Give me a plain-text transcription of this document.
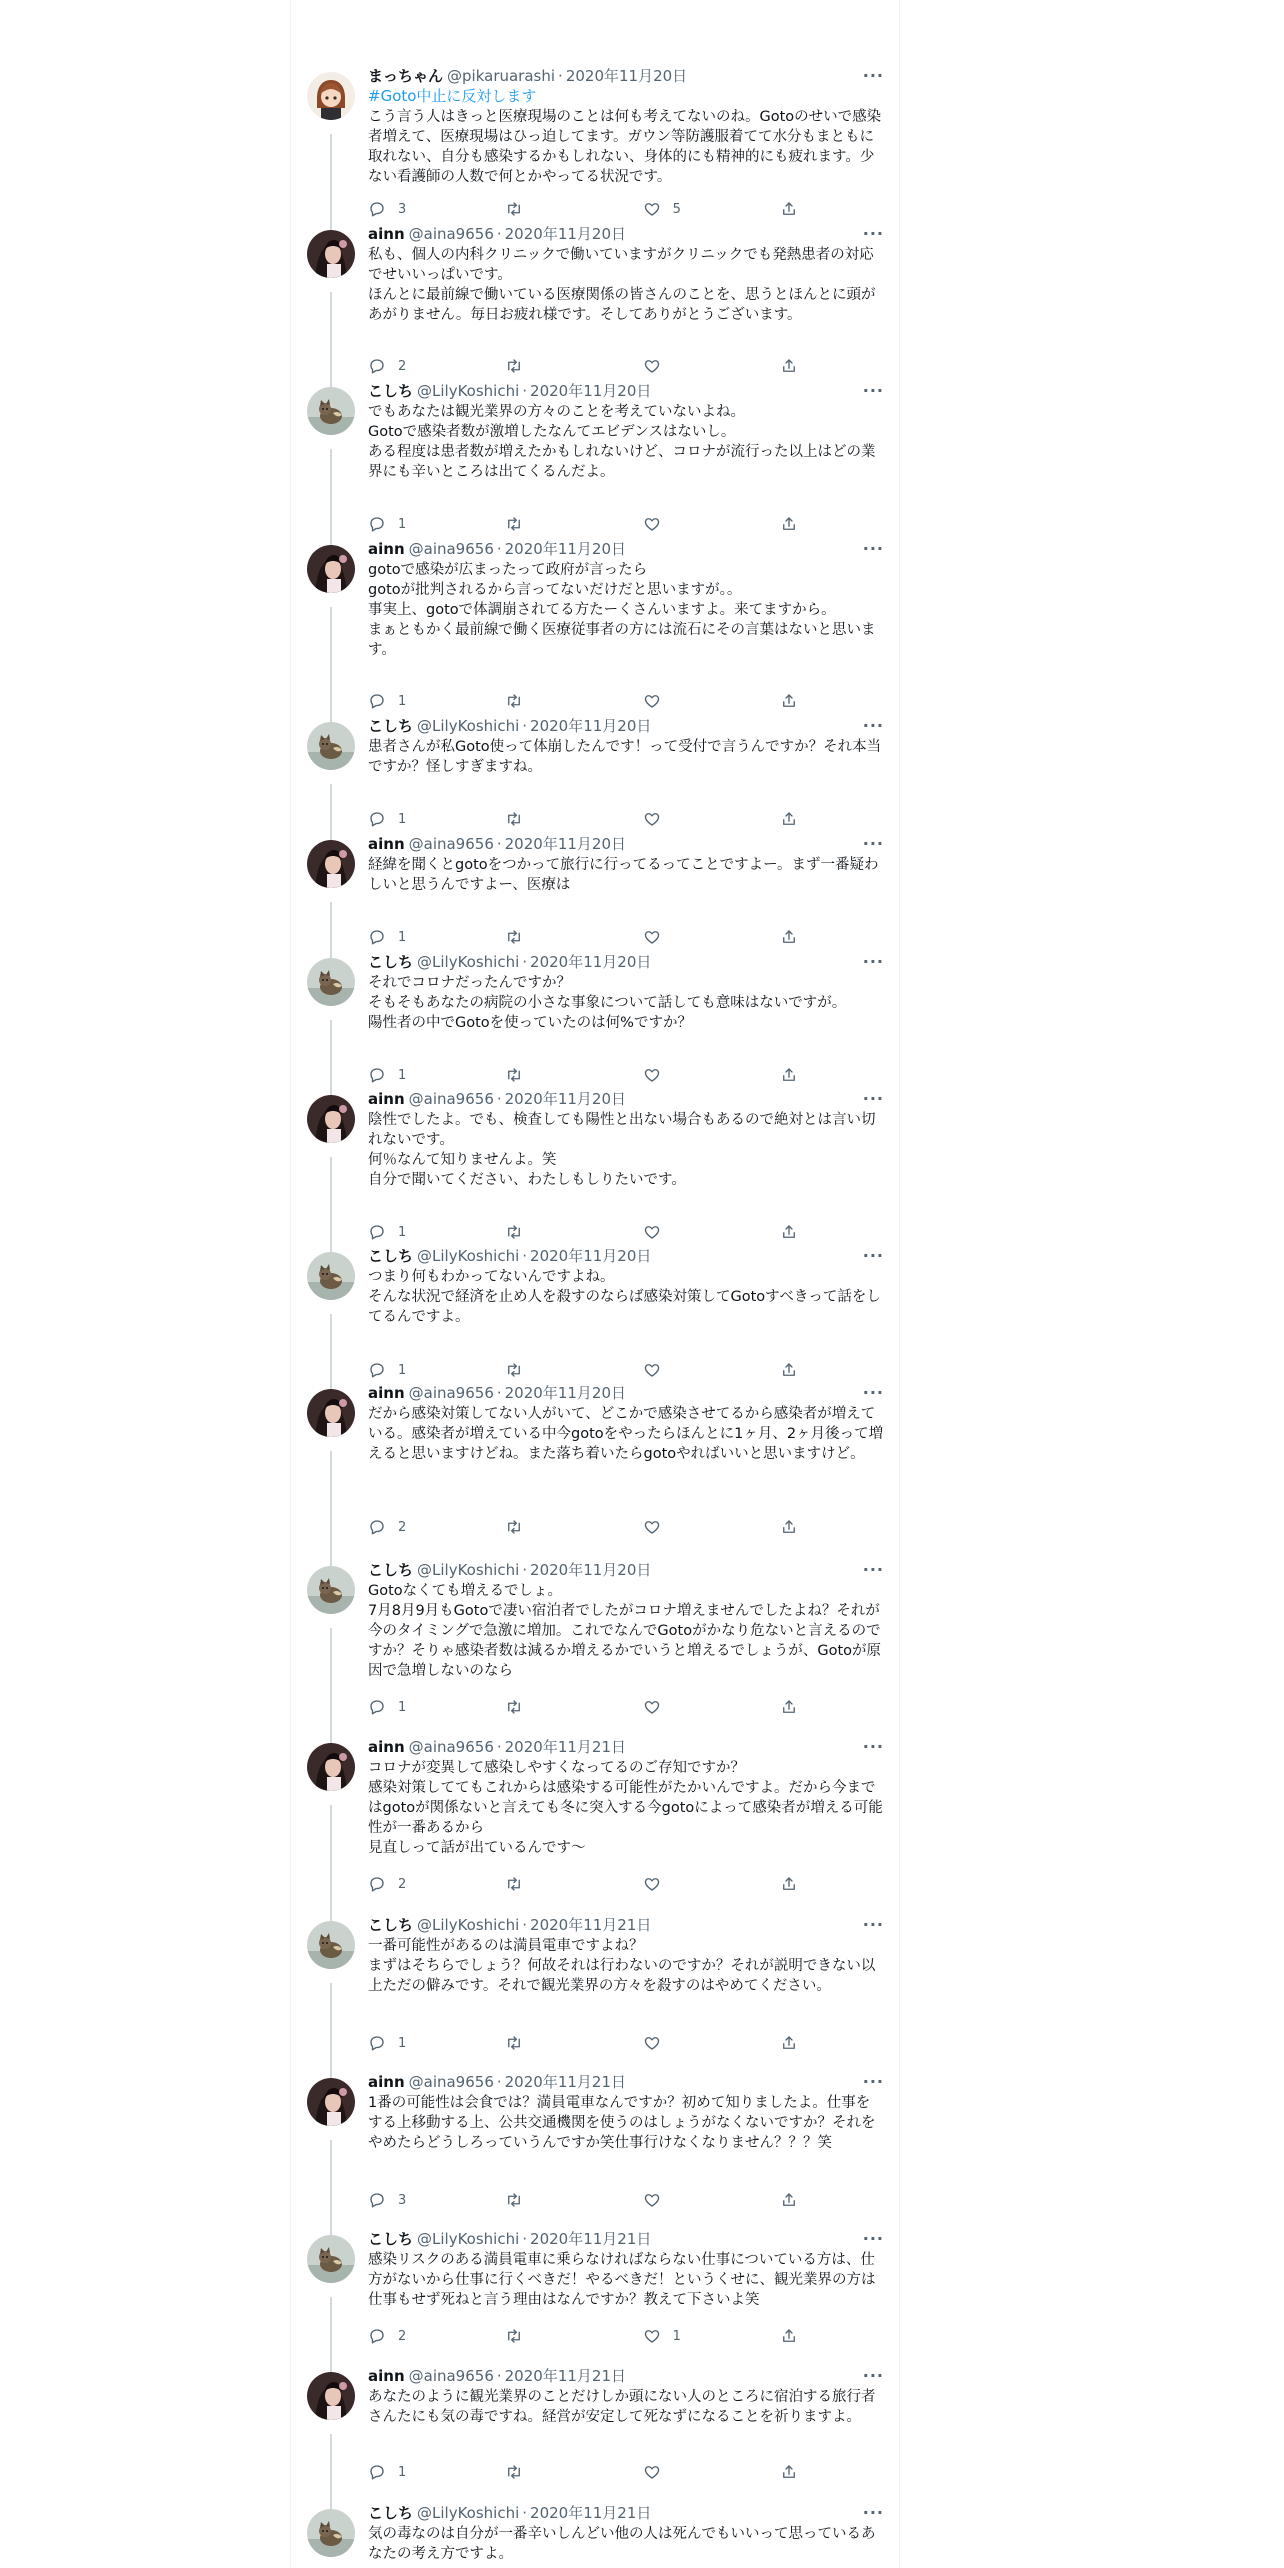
まっちゃん @pikaruarashi · 2020年11月20日	···
#Goto中止に反対します
こう言う人はきっと医療現場のことは何も考えてないのね。Gotoのせいで感染者増えて、医療現場はひっ迫してます。ガウン等防護服着てて水分もまともに取れない、自分も感染するかもしれない、身体的にも精神的にも疲れます。少ない看護師の人数で何とかやってる状況です。
3	5
ainn @aina9656 · 2020年11月20日	···
私も、個人の内科クリニックで働いていますがクリニックでも発熱患者の対応でせいいっぱいです。
ほんとに最前線で働いている医療関係の皆さんのことを、思うとほんとに頭があがりません。毎日お疲れ様です。そしてありがとうございます。
2
こしち @LilyKoshichi · 2020年11月20日	···
でもあなたは観光業界の方々のことを考えていないよね。
Gotoで感染者数が激増したなんてエビデンスはないし。
ある程度は患者数が増えたかもしれないけど、コロナが流行った以上はどの業界にも辛いところは出てくるんだよ。
1
ainn @aina9656 · 2020年11月20日	···
gotoで感染が広まったって政府が言ったら
gotoが批判されるから言ってないだけだと思いますが。。
事実上、gotoで体調崩されてる方たーくさんいますよ。来てますから。
まぁともかく最前線で働く医療従事者の方には流石にその言葉はないと思います。
1
こしち @LilyKoshichi · 2020年11月20日	···
患者さんが私Goto使って体崩したんです！って受付で言うんですか？それ本当ですか？怪しすぎますね。
1
ainn @aina9656 · 2020年11月20日	···
経緯を聞くとgotoをつかって旅行に行ってるってことですよー。まず一番疑わしいと思うんですよー、医療は
1
こしち @LilyKoshichi · 2020年11月20日	···
それでコロナだったんですか？
そもそもあなたの病院の小さな事象について話しても意味はないですが。
陽性者の中でGotoを使っていたのは何%ですか？
1
ainn @aina9656 · 2020年11月20日	···
陰性でしたよ。でも、検査しても陽性と出ない場合もあるので絶対とは言い切れないです。
何％なんて知りませんよ。笑
自分で聞いてください、わたしもしりたいです。
1
こしち @LilyKoshichi · 2020年11月20日	···
つまり何もわかってないんですよね。
そんな状況で経済を止め人を殺すのならば感染対策してGotoすべきって話をしてるんですよ。
1
ainn @aina9656 · 2020年11月20日	···
だから感染対策してない人がいて、どこかで感染させてるから感染者が増えている。感染者が増えている中今gotoをやったらほんとに1ヶ月、2ヶ月後って増えると思いますけどね。また落ち着いたらgotoやればいいと思いますけど。
2
こしち @LilyKoshichi · 2020年11月20日	···
Gotoなくても増えるでしょ。
7月8月9月もGotoで凄い宿泊者でしたがコロナ増えませんでしたよね？それが今のタイミングで急激に増加。これでなんでGotoがかなり危ないと言えるのですか？そりゃ感染者数は減るか増えるかでいうと増えるでしょうが、Gotoが原因で急増しないのなら
1
ainn @aina9656 · 2020年11月21日	···
コロナが変異して感染しやすくなってるのご存知ですか？
感染対策しててもこれからは感染する可能性がたかいんですよ。だから今まではgotoが関係ないと言えても冬に突入する今gotoによって感染者が増える可能性が一番あるから
見直しって話が出ているんです〜
2
こしち @LilyKoshichi · 2020年11月21日	···
一番可能性があるのは満員電車ですよね？
まずはそちらでしょう？何故それは行わないのですか？それが説明できない以上ただの僻みです。それで観光業界の方々を殺すのはやめてください。
1
ainn @aina9656 · 2020年11月21日	···
1番の可能性は会食では？満員電車なんですか？初めて知りましたよ。仕事をする上移動する上、公共交通機関を使うのはしょうがなくないですか？それをやめたらどうしろっていうんですか笑仕事行けなくなりません？？？笑
3
こしち @LilyKoshichi · 2020年11月21日	···
感染リスクのある満員電車に乗らなければならない仕事についている方は、仕方がないから仕事に行くべきだ！やるべきだ！というくせに、観光業界の方は仕事もせず死ねと言う理由はなんですか？教えて下さいよ笑
2	1
ainn @aina9656 · 2020年11月21日	···
あなたのように観光業界のことだけしか頭にない人のところに宿泊する旅行者さんたにも気の毒ですね。経営が安定して死なずになることを祈りますよ。
1
こしち @LilyKoshichi · 2020年11月21日	···
気の毒なのは自分が一番辛いしんどい他の人は死んでもいいって思っているあなたの考え方ですよ。
